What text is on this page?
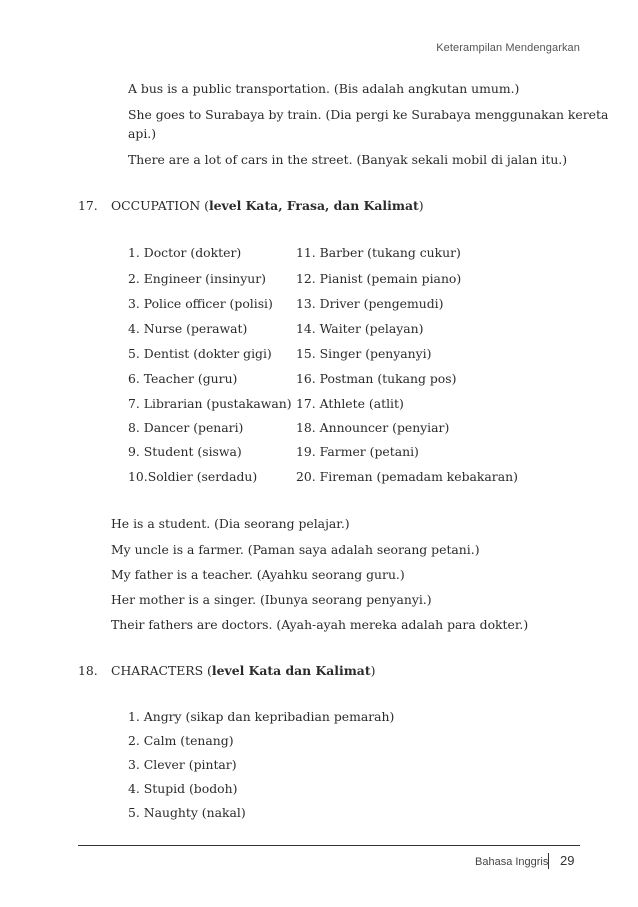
Keterampilan Mendengarkan
A bus is a public transportation. (Bis adalah angkutan umum.)
She goes to Surabaya by train. (Dia pergi ke Surabaya menggunakan kereta
api.)
There are a lot of cars in the street. (Banyak sekali mobil di jalan itu.)
17. OCCUPATION (level Kata, Frasa, dan Kalimat)
1. Doctor (dokter)
2. Engineer (insinyur)
3. Police officer (polisi)
4. Nurse (perawat)
5. Dentist (dokter gigi)
6. Teacher (guru)
7. Librarian (pustakawan)
8. Dancer (penari)
9. Student (siswa)
10.Soldier (serdadu)
11. Barber (tukang cukur)
12. Pianist (pemain piano)
13. Driver (pengemudi)
14. Waiter (pelayan)
15. Singer (penyanyi)
16. Postman (tukang pos)
17. Athlete (atlit)
18. Announcer (penyiar)
19. Farmer (petani)
20. Fireman (pemadam kebakaran)
He is a student. (Dia seorang pelajar.)
My uncle is a farmer. (Paman saya adalah seorang petani.)
My father is a teacher. (Ayahku seorang guru.)
Her mother is a singer. (Ibunya seorang penyanyi.)
Their fathers are doctors. (Ayah-ayah mereka adalah para dokter.)
18. CHARACTERS (level Kata dan Kalimat)
1. Angry (sikap dan kepribadian pemarah)
2. Calm (tenang)
3. Clever (pintar)
4. Stupid (bodoh)
5. Naughty (nakal)
Bahasa Inggris 29
